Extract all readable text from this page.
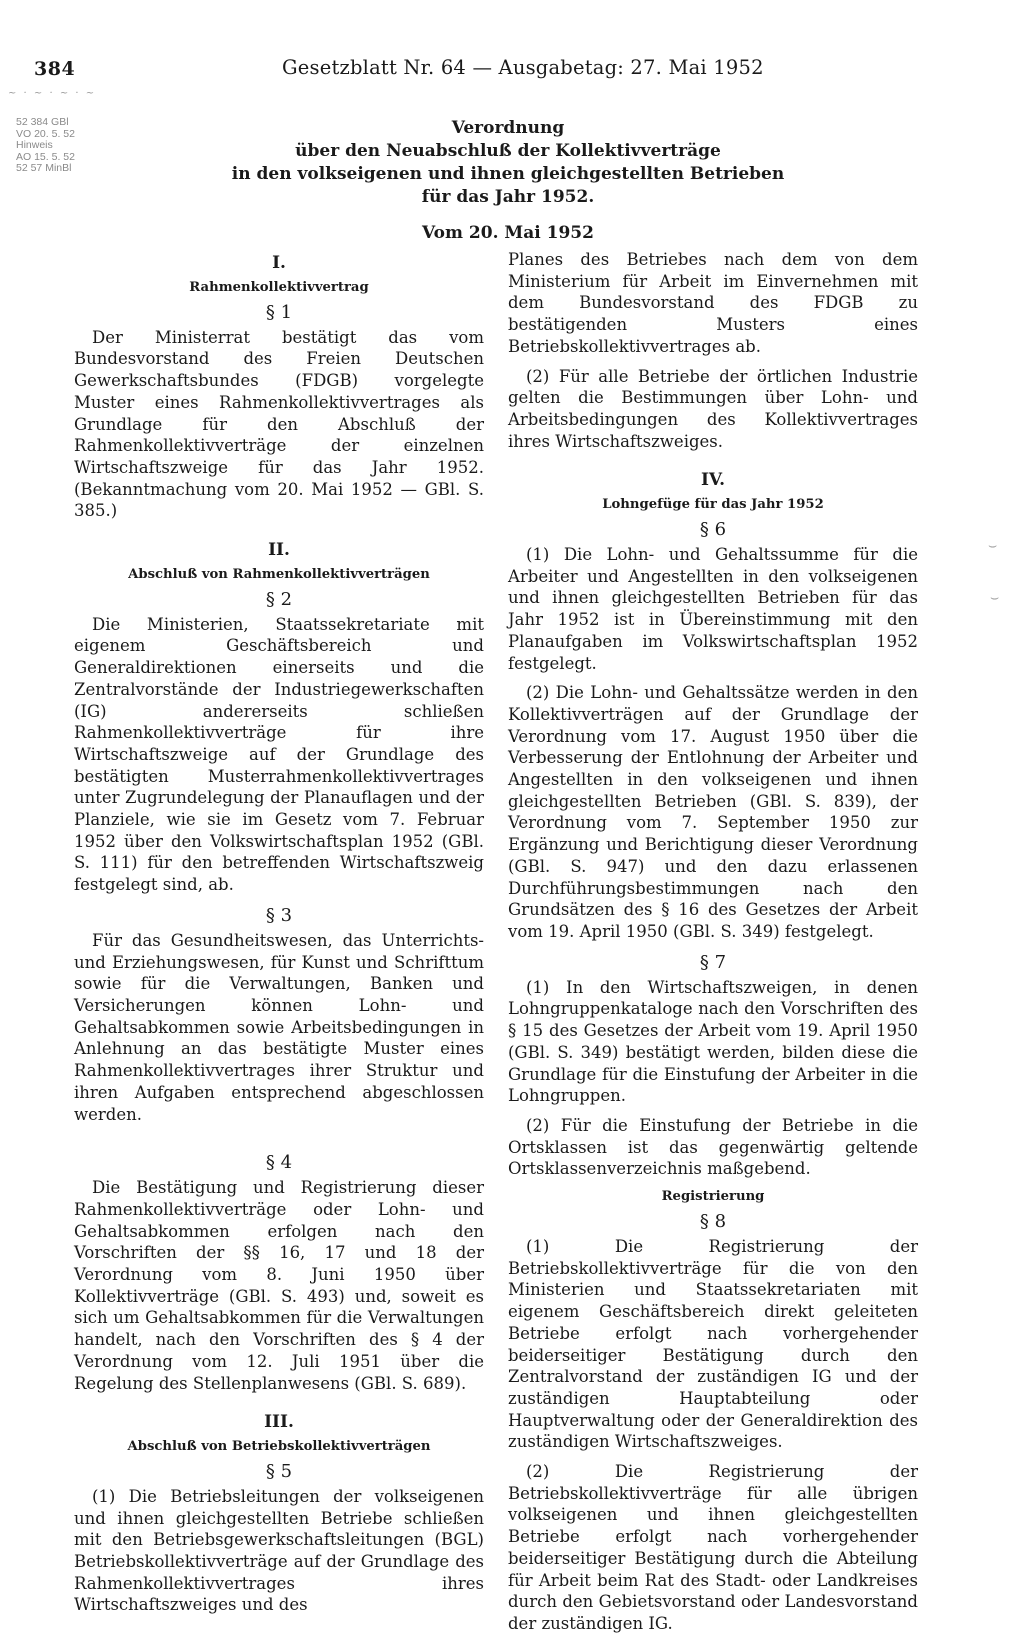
384
~ · ~ · ~ · ~
Gesetzblatt Nr. 64 — Ausgabetag: 27. Mai 1952
52 384 GBl
VO 20. 5. 52
Hinweis
AO 15. 5. 52
52 57 MinBl
Verordnung
über den Neuabschluß der Kollektivverträge
in den volkseigenen und ihnen gleichgestellten Betrieben
für das Jahr 1952.
Vom 20. Mai 1952
I.
Rahmenkollektivvertrag
§ 1

Der Ministerrat bestätigt das vom Bundesvorstand des Freien Deutschen Gewerkschaftsbundes (FDGB) vorgelegte Muster eines Rahmenkollektivvertrages als Grundlage für den Abschluß der Rahmenkollektivverträge der einzelnen Wirtschaftszweige für das Jahr 1952. (Bekanntmachung vom 20. Mai 1952 — GBl. S. 385.)

II.
Abschluß von Rahmenkollektivverträgen
§ 2

Die Ministerien, Staatssekretariate mit eigenem Geschäftsbereich und Generaldirektionen einerseits und die Zentralvorstände der Industriegewerkschaften (IG) andererseits schließen Rahmenkollektivverträge für ihre Wirtschaftszweige auf der Grundlage des bestätigten Musterrahmenkollektivvertrages unter Zugrundelegung der Planauflagen und der Planziele, wie sie im Gesetz vom 7. Februar 1952 über den Volkswirtschaftsplan 1952 (GBl. S. 111) für den betreffenden Wirtschaftszweig festgelegt sind, ab.

§ 3

Für das Gesundheitswesen, das Unterrichts- und Erziehungswesen, für Kunst und Schrifttum sowie für die Verwaltungen, Banken und Versicherungen können Lohn- und Gehaltsabkommen sowie Arbeitsbedingungen in Anlehnung an das bestätigte Muster eines Rahmenkollektivvertrages ihrer Struktur und ihren Aufgaben entsprechend abgeschlossen werden.

§ 4

Die Bestätigung und Registrierung dieser Rahmenkollektivverträge oder Lohn- und Gehaltsabkommen erfolgen nach den Vorschriften der §§ 16, 17 und 18 der Verordnung vom 8. Juni 1950 über Kollektivverträge (GBl. S. 493) und, soweit es sich um Gehaltsabkommen für die Verwaltungen handelt, nach den Vorschriften des § 4 der Verordnung vom 12. Juli 1951 über die Regelung des Stellenplanwesens (GBl. S. 689).

III.
Abschluß von Betriebskollektivverträgen
§ 5

(1) Die Betriebsleitungen der volkseigenen und ihnen gleichgestellten Betriebe schließen mit den Betriebsgewerkschaftsleitungen (BGL) Betriebskollektivverträge auf der Grundlage des Rahmenkollektivvertrages ihres Wirtschaftszweiges und des

Planes des Betriebes nach dem von dem Ministerium für Arbeit im Einvernehmen mit dem Bundesvorstand des FDGB zu bestätigenden Musters eines Betriebskollektivvertrages ab.

(2) Für alle Betriebe der örtlichen Industrie gelten die Bestimmungen über Lohn- und Arbeitsbedingungen des Kollektivvertrages ihres Wirtschaftszweiges.

IV.
Lohngefüge für das Jahr 1952
§ 6

(1) Die Lohn- und Gehaltssumme für die Arbeiter und Angestellten in den volkseigenen und ihnen gleichgestellten Betrieben für das Jahr 1952 ist in Übereinstimmung mit den Planaufgaben im Volkswirtschaftsplan 1952 festgelegt.

(2) Die Lohn- und Gehaltssätze werden in den Kollektivverträgen auf der Grundlage der Verordnung vom 17. August 1950 über die Verbesserung der Entlohnung der Arbeiter und Angestellten in den volkseigenen und ihnen gleichgestellten Betrieben (GBl. S. 839), der Verordnung vom 7. September 1950 zur Ergänzung und Berichtigung dieser Verordnung (GBl. S. 947) und den dazu erlassenen Durchführungsbestimmungen nach den Grundsätzen des § 16 des Gesetzes der Arbeit vom 19. April 1950 (GBl. S. 349) festgelegt.

§ 7

(1) In den Wirtschaftszweigen, in denen Lohngruppenkataloge nach den Vorschriften des § 15 des Gesetzes der Arbeit vom 19. April 1950 (GBl. S. 349) bestätigt werden, bilden diese die Grundlage für die Einstufung der Arbeiter in die Lohngruppen.

(2) Für die Einstufung der Betriebe in die Ortsklassen ist das gegenwärtig geltende Ortsklassenverzeichnis maßgebend.

Registrierung
§ 8

(1) Die Registrierung der Betriebskollektivverträge für die von den Ministerien und Staatssekretariaten mit eigenem Geschäftsbereich direkt geleiteten Betriebe erfolgt nach vorhergehender beiderseitiger Bestätigung durch den Zentralvorstand der zuständigen IG und der zuständigen Hauptabteilung oder Hauptverwaltung oder der Generaldirektion des zuständigen Wirtschaftszweiges.

(2) Die Registrierung der Betriebskollektivverträge für alle übrigen volkseigenen und ihnen gleichgestellten Betriebe erfolgt nach vorhergehender beiderseitiger Bestätigung durch die Abteilung für Arbeit beim Rat des Stadt- oder Landkreises durch den Gebietsvorstand oder Landesvorstand der zuständigen IG.

⌣
⌣
